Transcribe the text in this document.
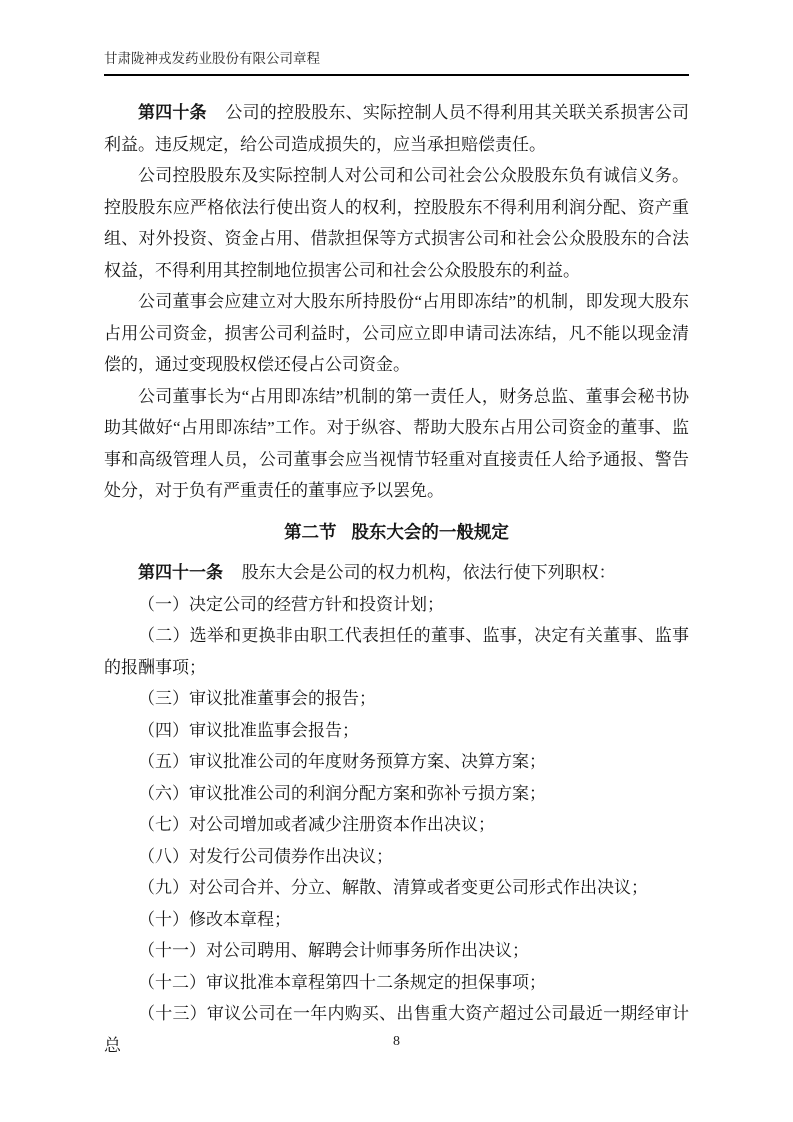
甘肃陇神戎发药业股份有限公司章程

第四十条 公司的控股股东、实际控制人员不得利用其关联关系损害公司利益。违反规定，给公司造成损失的，应当承担赔偿责任。

公司控股股东及实际控制人对公司和公司社会公众股股东负有诚信义务。控股股东应严格依法行使出资人的权利，控股股东不得利用利润分配、资产重组、对外投资、资金占用、借款担保等方式损害公司和社会公众股股东的合法权益，不得利用其控制地位损害公司和社会公众股股东的利益。

公司董事会应建立对大股东所持股份“占用即冻结”的机制，即发现大股东占用公司资金，损害公司利益时，公司应立即申请司法冻结，凡不能以现金清偿的，通过变现股权偿还侵占公司资金。

公司董事长为“占用即冻结”机制的第一责任人，财务总监、董事会秘书协助其做好“占用即冻结”工作。对于纵容、帮助大股东占用公司资金的董事、监事和高级管理人员，公司董事会应当视情节轻重对直接责任人给予通报、警告处分，对于负有严重责任的董事应予以罢免。

第二节 股东大会的一般规定

第四十一条 股东大会是公司的权力机构，依法行使下列职权：

（一）决定公司的经营方针和投资计划；

（二）选举和更换非由职工代表担任的董事、监事，决定有关董事、监事的报酬事项；

（三）审议批准董事会的报告；

（四）审议批准监事会报告；

（五）审议批准公司的年度财务预算方案、决算方案；

（六）审议批准公司的利润分配方案和弥补亏损方案；

（七）对公司增加或者减少注册资本作出决议；

（八）对发行公司债券作出决议；

（九）对公司合并、分立、解散、清算或者变更公司形式作出决议；

（十）修改本章程；

（十一）对公司聘用、解聘会计师事务所作出决议；

（十二）审议批准本章程第四十二条规定的担保事项；

（十三）审议公司在一年内购买、出售重大资产超过公司最近一期经审计总	8
